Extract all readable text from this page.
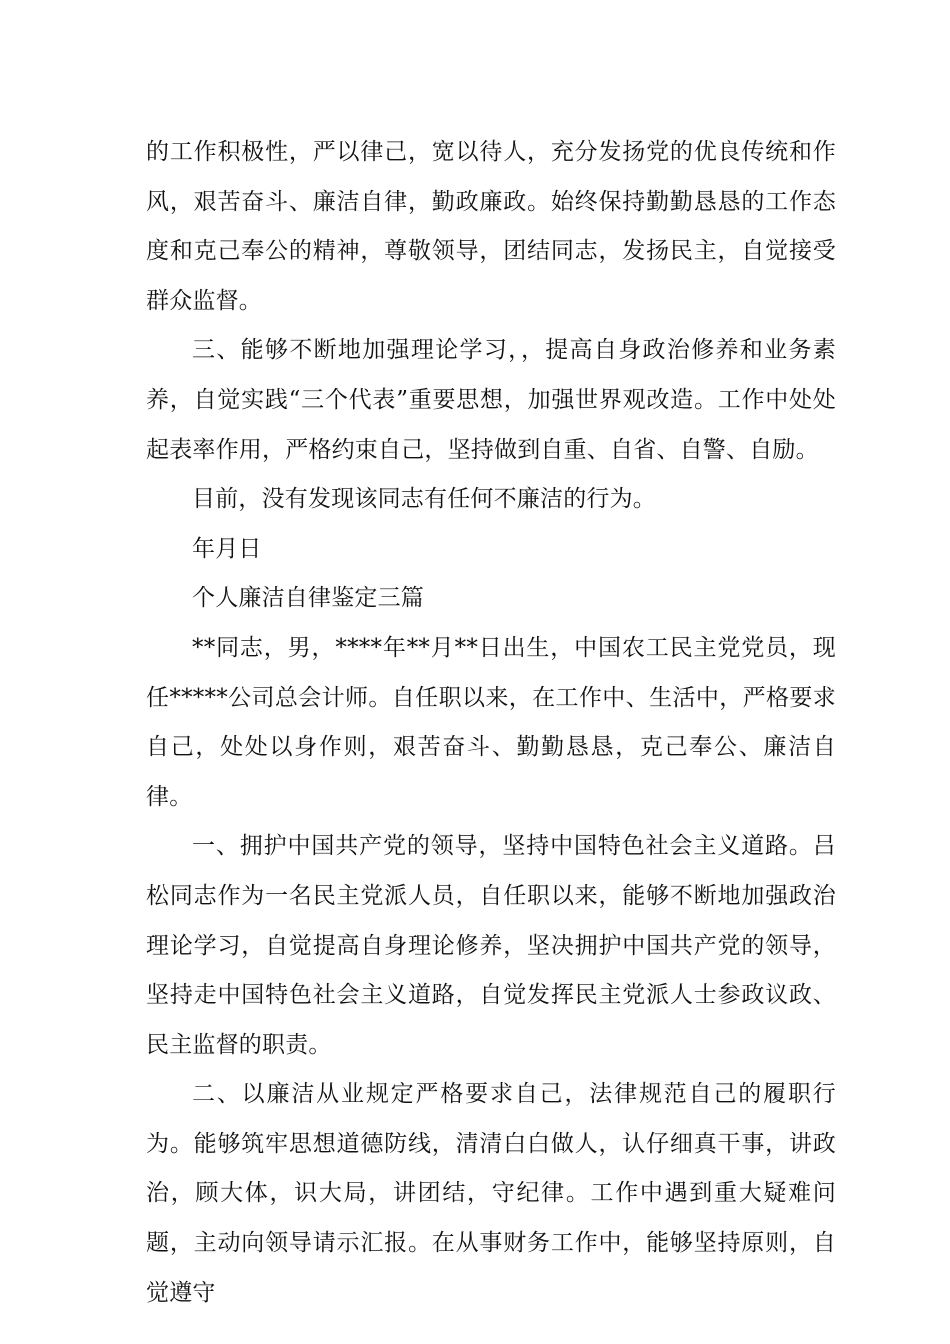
的工作积极性，严以律己，宽以待人，充分发扬党的优良传统和作风，艰苦奋斗、廉洁自律，勤政廉政。始终保持勤勤恳恳的工作态度和克己奉公的精神，尊敬领导，团结同志，发扬民主，自觉接受群众监督。

三、能够不断地加强理论学习，，提高自身政治修养和业务素养，自觉实践“三个代表”重要思想，加强世界观改造。工作中处处起表率作用，严格约束自己，坚持做到自重、自省、自警、自励。

目前，没有发现该同志有任何不廉洁的行为。

年月日

个人廉洁自律鉴定三篇

**同志，男，****年**月**日出生，中国农工民主党党员，现任*****公司总会计师。自任职以来，在工作中、生活中，严格要求自己，处处以身作则，艰苦奋斗、勤勤恳恳，克己奉公、廉洁自律。

一、拥护中国共产党的领导，坚持中国特色社会主义道路。吕松同志作为一名民主党派人员，自任职以来，能够不断地加强政治理论学习，自觉提高自身理论修养，坚决拥护中国共产党的领导，坚持走中国特色社会主义道路，自觉发挥民主党派人士参政议政、民主监督的职责。

二、以廉洁从业规定严格要求自己，法律规范自己的履职行为。能够筑牢思想道德防线，清清白白做人，认仔细真干事，讲政治，顾大体，识大局，讲团结，守纪律。工作中遇到重大疑难问题，主动向领导请示汇报。在从事财务工作中，能够坚持原则，自觉遵守
